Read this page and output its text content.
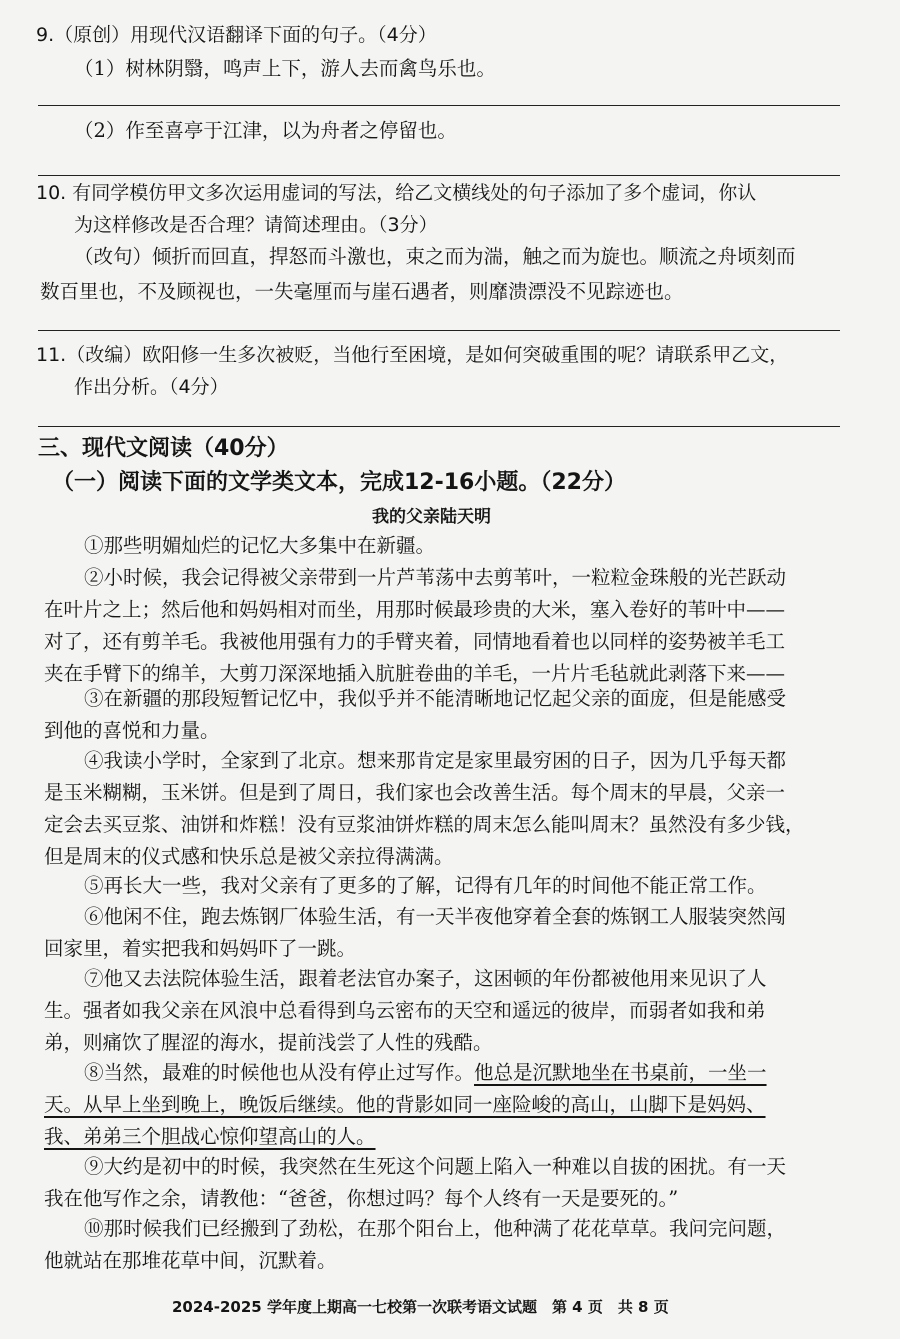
9.（原创）用现代汉语翻译下面的句子。（4分）
（1）树林阴翳，鸣声上下，游人去而禽鸟乐也。
（2）作至喜亭于江津，以为舟者之停留也。
10. 有同学模仿甲文多次运用虚词的写法，给乙文横线处的句子添加了多个虚词，你认
为这样修改是否合理？请简述理由。（3分）
（改句）倾折而回直，捍怒而斗激也，束之而为湍，触之而为旋也。顺流之舟顷刻而
数百里也，不及顾视也，一失毫厘而与崖石遇者，则靡溃漂没不见踪迹也。
11.（改编）欧阳修一生多次被贬，当他行至困境，是如何突破重围的呢？请联系甲乙文，
作出分析。（4分）
三、现代文阅读（40分）
（一）阅读下面的文学类文本，完成12-16小题。（22分）
我的父亲陆天明
①那些明媚灿烂的记忆大多集中在新疆。
②小时候，我会记得被父亲带到一片芦苇荡中去剪苇叶，一粒粒金珠般的光芒跃动
在叶片之上；然后他和妈妈相对而坐，用那时候最珍贵的大米，塞入卷好的苇叶中——
对了，还有剪羊毛。我被他用强有力的手臂夹着，同情地看着也以同样的姿势被羊毛工
夹在手臂下的绵羊，大剪刀深深地插入肮脏卷曲的羊毛，一片片毛毡就此剥落下来——
③在新疆的那段短暂记忆中，我似乎并不能清晰地记忆起父亲的面庞，但是能感受
到他的喜悦和力量。
④我读小学时，全家到了北京。想来那肯定是家里最穷困的日子，因为几乎每天都
是玉米糊糊，玉米饼。但是到了周日，我们家也会改善生活。每个周末的早晨，父亲一
定会去买豆浆、油饼和炸糕！没有豆浆油饼炸糕的周末怎么能叫周末？虽然没有多少钱，
但是周末的仪式感和快乐总是被父亲拉得满满。
⑤再长大一些，我对父亲有了更多的了解，记得有几年的时间他不能正常工作。
⑥他闲不住，跑去炼钢厂体验生活，有一天半夜他穿着全套的炼钢工人服装突然闯
回家里，着实把我和妈妈吓了一跳。
⑦他又去法院体验生活，跟着老法官办案子，这困顿的年份都被他用来见识了人
生。强者如我父亲在风浪中总看得到乌云密布的天空和遥远的彼岸，而弱者如我和弟
弟，则痛饮了腥涩的海水，提前浅尝了人性的残酷。
⑧当然，最难的时候他也从没有停止过写作。他总是沉默地坐在书桌前，一坐一
天。从早上坐到晚上，晚饭后继续。他的背影如同一座险峻的高山，山脚下是妈妈、
我、弟弟三个胆战心惊仰望高山的人。
⑨大约是初中的时候，我突然在生死这个问题上陷入一种难以自拔的困扰。有一天
我在他写作之余，请教他：“爸爸，你想过吗？每个人终有一天是要死的。”
⑩那时候我们已经搬到了劲松，在那个阳台上，他种满了花花草草。我问完问题，
他就站在那堆花草中间，沉默着。
2024-2025 学年度上期高一七校第一次联考语文试题　第 4 页　共 8 页
